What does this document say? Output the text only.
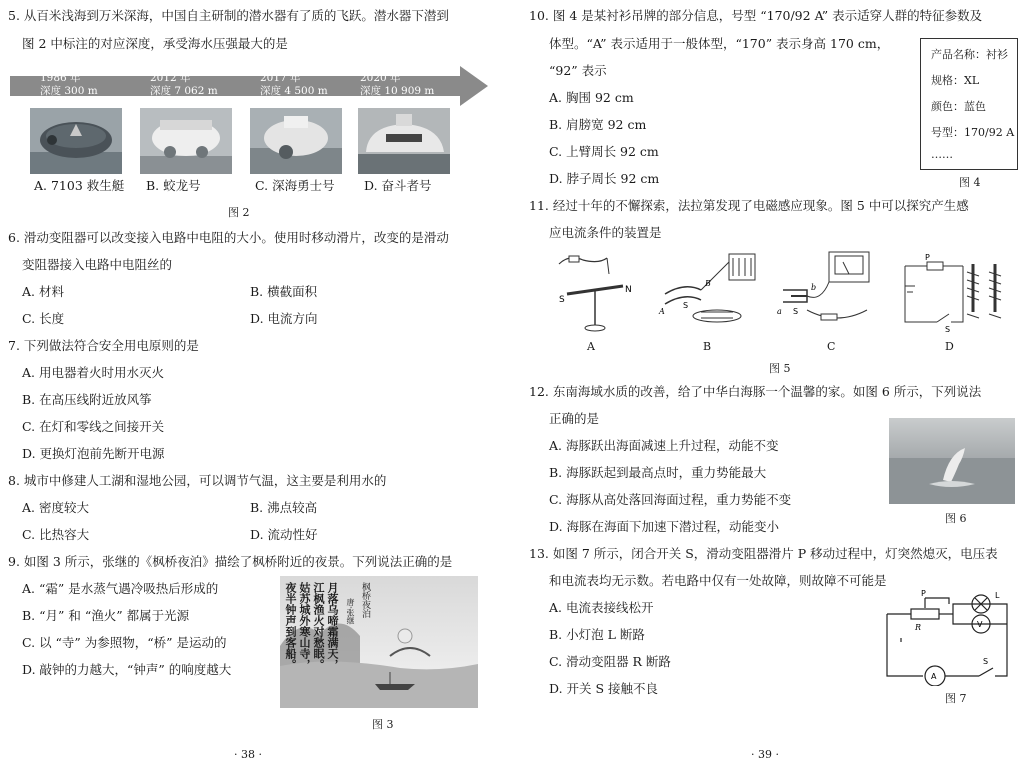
5. 从百米浅海到万米深海，中国自主研制的潜水器有了质的飞跃。潜水器下潜到
图 2 中标注的对应深度，承受海水压强最大的是
1986 年
深度 300 m
2012 年
深度 7 062 m
2017 年
深度 4 500 m
2020 年
深度 10 909 m
A. 7103 救生艇 B. 蛟龙号	C. 深海勇士号 D. 奋斗者号
图 2
6. 滑动变阻器可以改变接入电路中电阻的大小。使用时移动滑片，改变的是滑动
变阻器接入电路中电阻丝的
A. 材料	B. 横截面积
C. 长度	D. 电流方向
7. 下列做法符合安全用电原则的是
A. 用电器着火时用水灭火
B. 在高压线附近放风筝
C. 在灯和零线之间接开关
D. 更换灯泡前先断开电源
8. 城市中修建人工湖和湿地公园，可以调节气温，这主要是利用水的
A. 密度较大	B. 沸点较高
C. 比热容大	D. 流动性好
9. 如图 3 所示，张继的《枫桥夜泊》描绘了枫桥附近的夜景。下列说法正确的是
A. “霜” 是水蒸气遇冷吸热后形成的
B. “月” 和 “渔火” 都属于光源
C. 以 “寺” 为参照物，“桥” 是运动的
D. 敲钟的力越大，“钟声” 的响度越大
枫桥夜泊
唐·张继
月落乌啼霜满天，
江枫渔火对愁眠。
姑苏城外寒山寺，
夜半钟声到客船。
图 3
· 38 ·
10. 图 4 是某衬衫吊牌的部分信息，号型 “170/92 A” 表示适穿人群的特征参数及
体型。“A” 表示适用于一般体型，“170” 表示身高 170 cm，
“92” 表示
A. 胸围 92 cm
B. 肩膀宽 92 cm
C. 上臂周长 92 cm
D. 脖子周长 92 cm
产品名称：衬衫
规格：XL
颜色：蓝色
号型：170/92 A
……
图 4
11. 经过十年的不懈探索，法拉第发现了电磁感应现象。图 5 中可以探究产生感
应电流条件的装置是
S
N
A
B
S
a
b
S
P
S
A	B	C	D
图 5
12. 东南海域水质的改善，给了中华白海豚一个温馨的家。如图 6 所示，下列说法
正确的是
A. 海豚跃出海面减速上升过程，动能不变
B. 海豚跃起到最高点时，重力势能最大
C. 海豚从高处落回海面过程，重力势能不变
D. 海豚在海面下加速下潜过程，动能变小
图 6
13. 如图 7 所示，闭合开关 S，滑动变阻器滑片 P 移动过程中，灯突然熄灭，电压表
和电流表均无示数。若电路中仅有一处故障，则故障不可能是
A. 电流表接线松开
B. 小灯泡 L 断路
C. 滑动变阻器 R 断路
D. 开关 S 接触不良
P
R
L
V
A
S
图 7
· 39 ·
